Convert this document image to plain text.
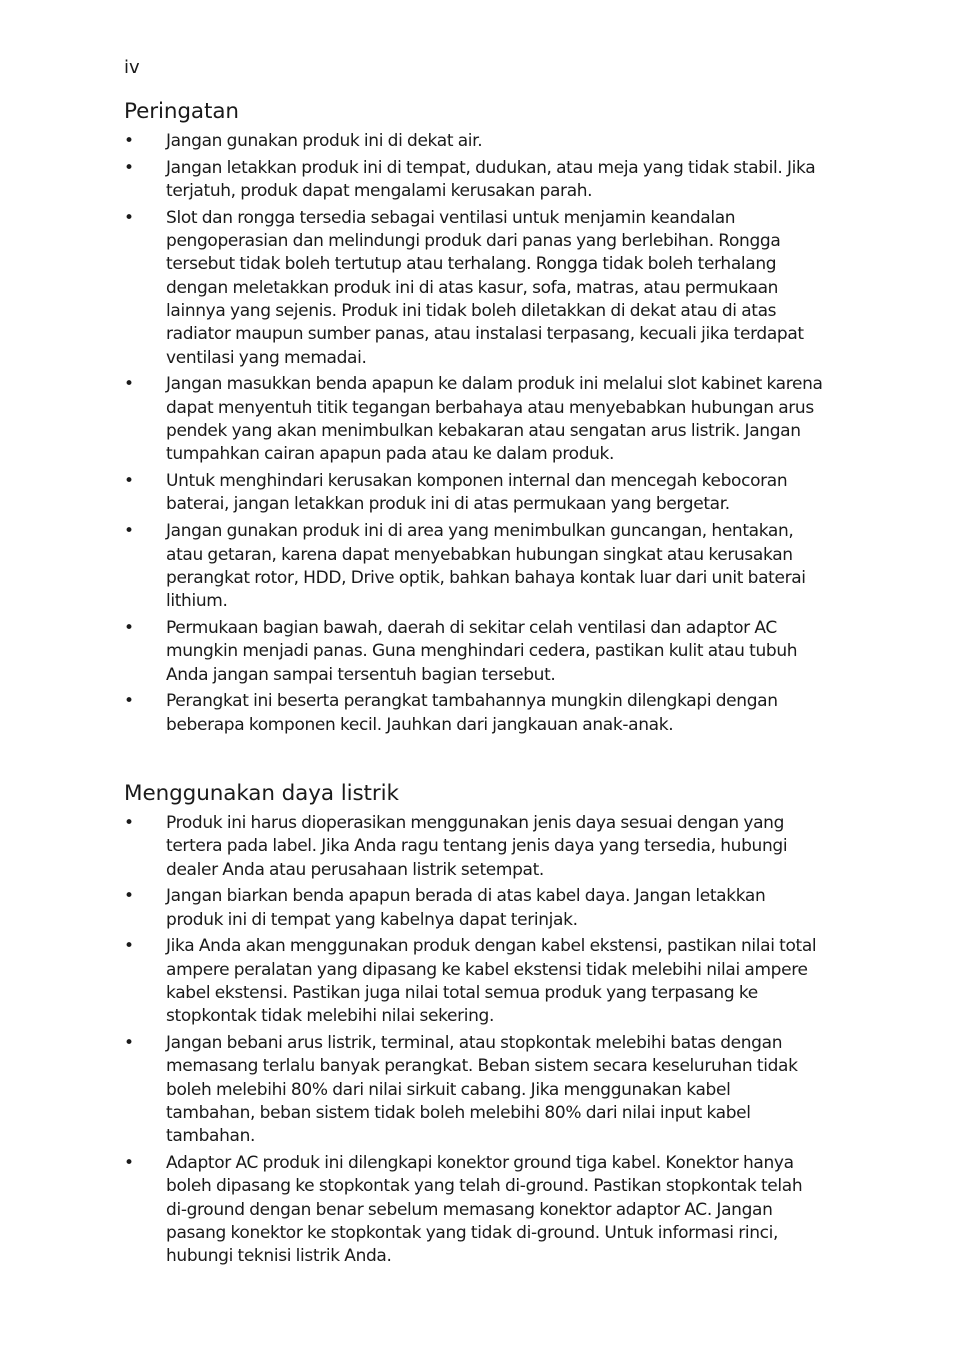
iv
Peringatan
• Jangan gunakan produk ini di dekat air.
• Jangan letakkan produk ini di tempat, dudukan, atau meja yang tidak stabil. Jika terjatuh, produk dapat mengalami kerusakan parah.
• Slot dan rongga tersedia sebagai ventilasi untuk menjamin keandalan pengoperasian dan melindungi produk dari panas yang berlebihan. Rongga tersebut tidak boleh tertutup atau terhalang. Rongga tidak boleh terhalang dengan meletakkan produk ini di atas kasur, sofa, matras, atau permukaan lainnya yang sejenis. Produk ini tidak boleh diletakkan di dekat atau di atas radiator maupun sumber panas, atau instalasi terpasang, kecuali jika terdapat ventilasi yang memadai.
• Jangan masukkan benda apapun ke dalam produk ini melalui slot kabinet karena dapat menyentuh titik tegangan berbahaya atau menyebabkan hubungan arus pendek yang akan menimbulkan kebakaran atau sengatan arus listrik. Jangan tumpahkan cairan apapun pada atau ke dalam produk.
• Untuk menghindari kerusakan komponen internal dan mencegah kebocoran baterai, jangan letakkan produk ini di atas permukaan yang bergetar.
• Jangan gunakan produk ini di area yang menimbulkan guncangan, hentakan, atau getaran, karena dapat menyebabkan hubungan singkat atau kerusakan perangkat rotor, HDD, Drive optik, bahkan bahaya kontak luar dari unit baterai lithium.
• Permukaan bagian bawah, daerah di sekitar celah ventilasi dan adaptor AC mungkin menjadi panas. Guna menghindari cedera, pastikan kulit atau tubuh Anda jangan sampai tersentuh bagian tersebut.
• Perangkat ini beserta perangkat tambahannya mungkin dilengkapi dengan beberapa komponen kecil. Jauhkan dari jangkauan anak-anak.
Menggunakan daya listrik
• Produk ini harus dioperasikan menggunakan jenis daya sesuai dengan yang tertera pada label. Jika Anda ragu tentang jenis daya yang tersedia, hubungi dealer Anda atau perusahaan listrik setempat.
• Jangan biarkan benda apapun berada di atas kabel daya. Jangan letakkan produk ini di tempat yang kabelnya dapat terinjak.
• Jika Anda akan menggunakan produk dengan kabel ekstensi, pastikan nilai total ampere peralatan yang dipasang ke kabel ekstensi tidak melebihi nilai ampere kabel ekstensi. Pastikan juga nilai total semua produk yang terpasang ke stopkontak tidak melebihi nilai sekering.
• Jangan bebani arus listrik, terminal, atau stopkontak melebihi batas dengan memasang terlalu banyak perangkat. Beban sistem secara keseluruhan tidak boleh melebihi 80% dari nilai sirkuit cabang. Jika menggunakan kabel tambahan, beban sistem tidak boleh melebihi 80% dari nilai input kabel tambahan.
• Adaptor AC produk ini dilengkapi konektor ground tiga kabel. Konektor hanya boleh dipasang ke stopkontak yang telah di-ground. Pastikan stopkontak telah di-ground dengan benar sebelum memasang konektor adaptor AC. Jangan pasang konektor ke stopkontak yang tidak di-ground. Untuk informasi rinci, hubungi teknisi listrik Anda.
